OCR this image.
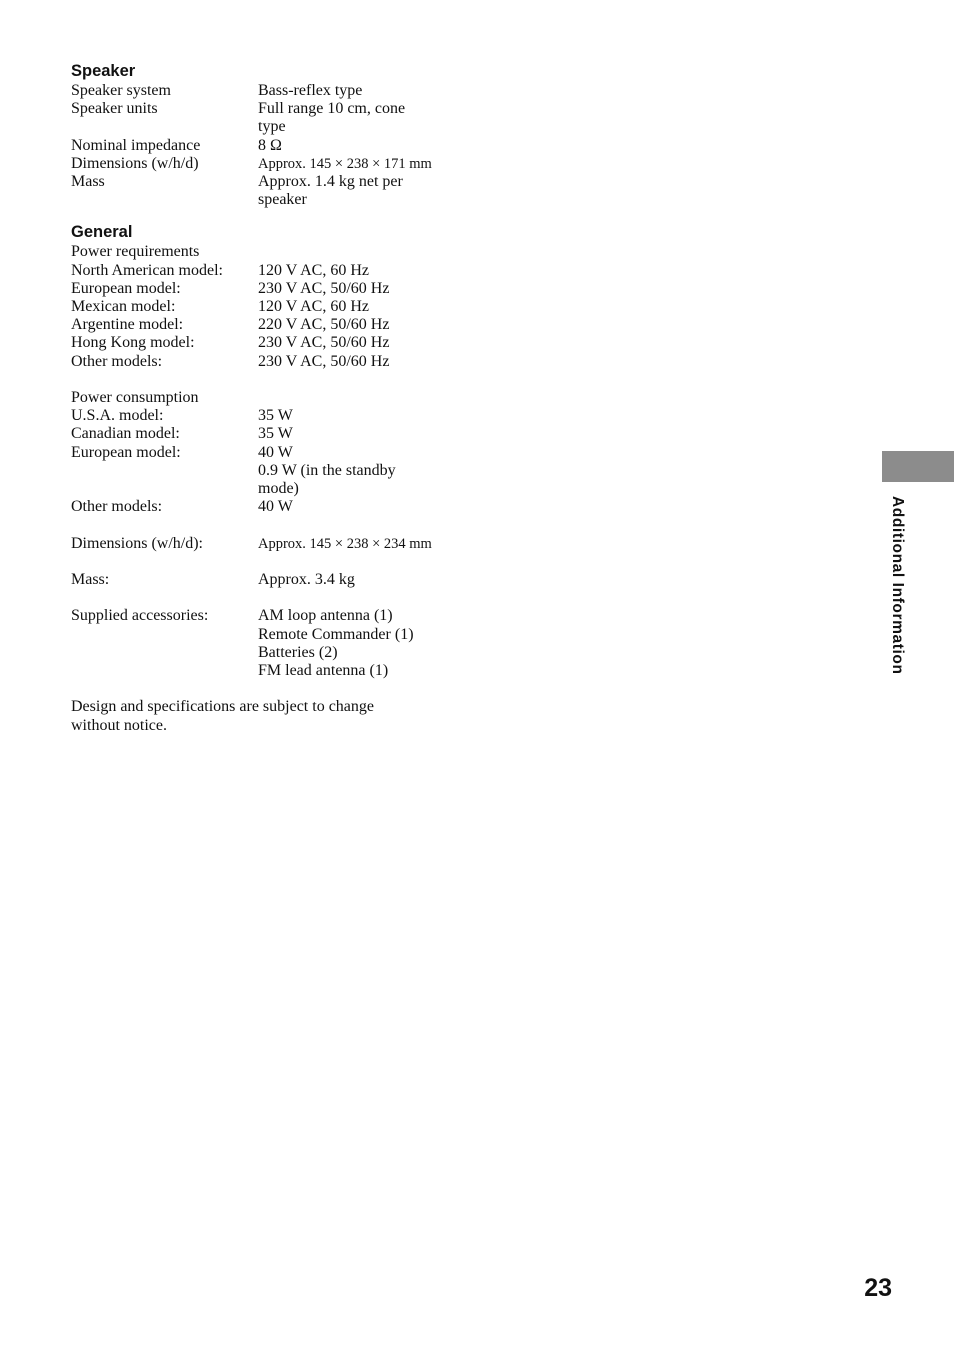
Speaker
Speaker system	Bass-reflex type
Speaker units	Full range 10 cm, cone
type
Nominal impedance	8 Ω
Dimensions (w/h/d)	Approx. 145 × 238 × 171 mm
Mass	Approx. 1.4 kg net per
speaker
General
Power requirements
North American model:	120 V AC, 60 Hz
European model:	230 V AC, 50/60 Hz
Mexican model:	120 V AC, 60 Hz
Argentine model:	220 V AC, 50/60 Hz
Hong Kong model:	230 V AC, 50/60 Hz
Other models:	230 V AC, 50/60 Hz
Power consumption
U.S.A. model:	35 W
Canadian model:	35 W
European model:	40 W
0.9 W (in the standby
mode)
Other models:	40 W
Dimensions (w/h/d):	Approx. 145 × 238 × 234 mm
Mass:	Approx. 3.4 kg
Supplied accessories:	AM loop antenna (1)
Remote Commander (1)
Batteries (2)
FM lead antenna (1)
Design and specifications are subject to change
without notice.
Additional Information
23
